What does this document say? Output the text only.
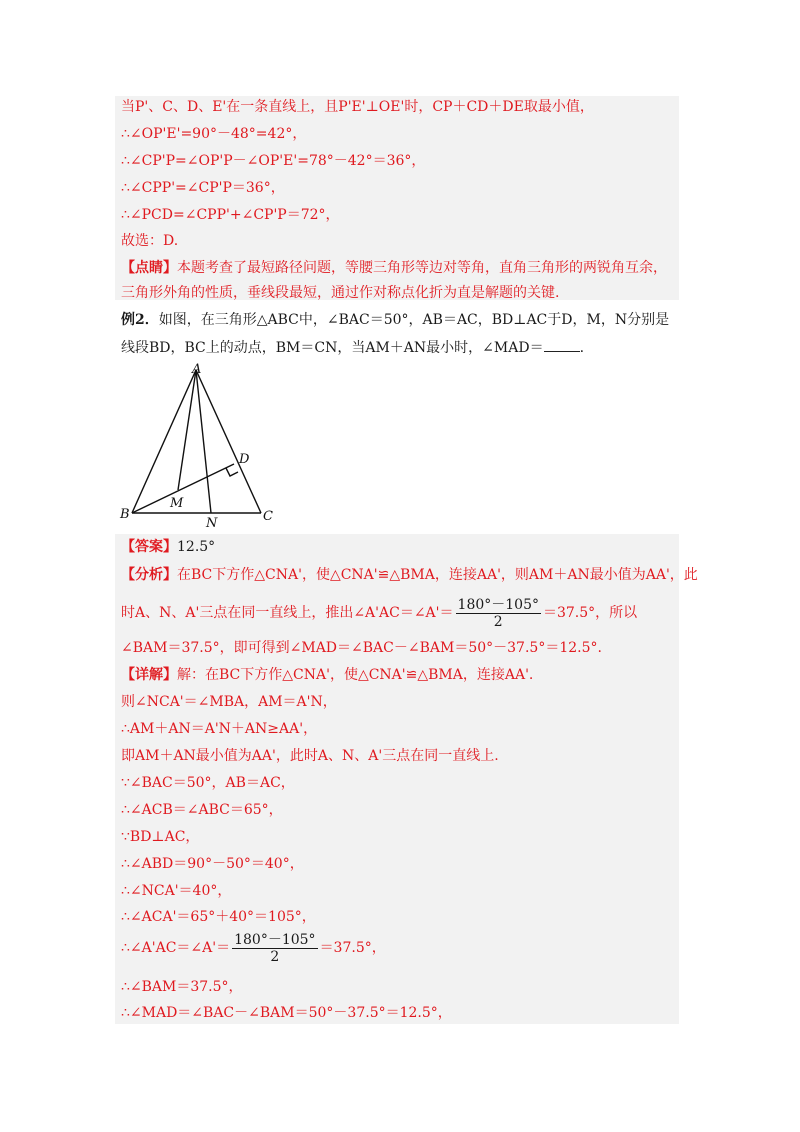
当P'、C、D、E'在一条直线上，且P'E'⊥OE'时，CP＋CD＋DE取最小值，
∴∠OP'E'=90°－48°=42°，
∴∠CP'P=∠OP'P－∠OP'E'=78°－42°＝36°，
∴∠CPP'=∠CP'P＝36°，
∴∠PCD=∠CPP'+∠CP'P＝72°，
故选：D.
【点睛】本题考查了最短路径问题，等腰三角形等边对等角，直角三角形的两锐角互余，
三角形外角的性质，垂线段最短，通过作对称点化折为直是解题的关键.
例2．如图，在三角形△ABC中，∠BAC＝50°，AB＝AC，BD⊥AC于D，M，N分别是
线段BD，BC上的动点，BM＝CN，当AM＋AN最小时，∠MAD＝	.
A
B	C
D
M
N
【答案】12.5°
【分析】在BC下方作△CNA'，使△CNA'≌△BMA，连接AA'，则AM＋AN最小值为AA'，此
时A、N、A'三点在同一直线上，推出∠A'AC＝∠A'＝ $\frac{180^\circ-105^\circ}{2} =37.5^\circ$，所以
∠BAM＝37.5°，即可得到∠MAD＝∠BAC－∠BAM＝50°－37.5°＝12.5°.
【详解】解：在BC下方作△CNA'，使△CNA'≌△BMA，连接AA'.
则∠NCA'＝∠MBA，AM＝A'N，
∴AM＋AN＝A'N＋AN≥AA'，
即AM＋AN最小值为AA'，此时A、N、A'三点在同一直线上.
∵∠BAC＝50°，AB＝AC，
∴∠ACB＝∠ABC＝65°，
∵BD⊥AC，
∴∠ABD＝90°－50°＝40°，
∴∠NCA'＝40°，
∴∠ACA'＝65°＋40°＝105°，
∴∠A'AC＝∠A'＝ $\frac{180^\circ-105^\circ}{2} =37.5^\circ$，
∴∠BAM＝37.5°，
∴∠MAD＝∠BAC－∠BAM＝50°－37.5°＝12.5°，
